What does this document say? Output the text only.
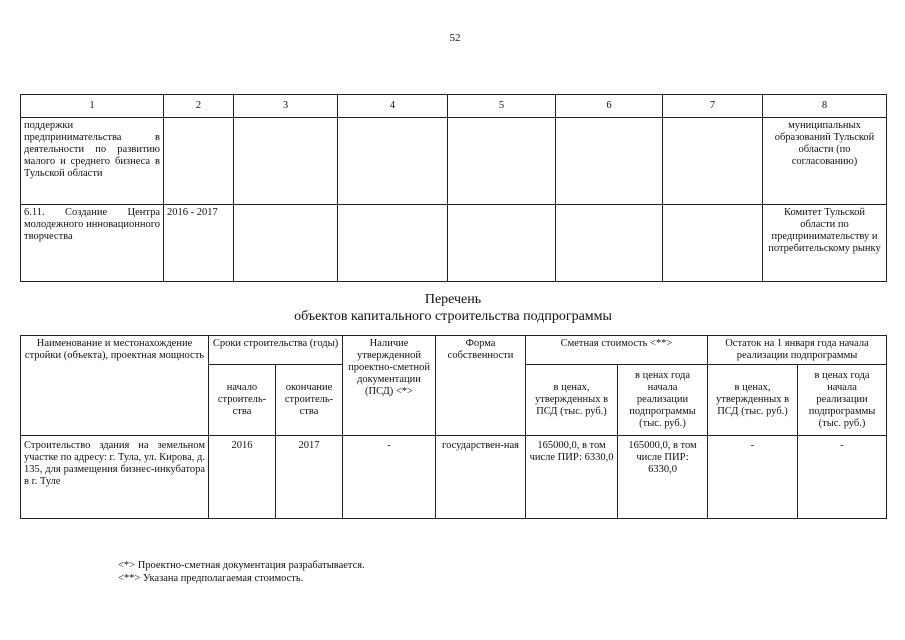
52
1	2	3	4	5	6	7	8
поддержки предпринимательства в деятельности по развитию малого и среднего бизнеса в Тульской области							муниципальных образований Тульской области (по согласованию)
6.11. Создание Центра молодежного инновационного творчества	2016 - 2017						Комитет Тульской области по предпринимательству и потребительскому рынку
Перечень
объектов капитального строительства подпрограммы
Наименование и местонахождение стройки (объекта), проектная мощность	Сроки строительства (годы)		Наличие утвержденной проектно-сметной документации (ПСД) <*>	Форма собственности	Сметная стоимость <**>		Остаток на 1 января года начала реализации подпрограммы	
	начало строитель-ства	окончание строитель-ства			в ценах, утвержденных в ПСД (тыс. руб.)	в ценах года начала реализации подпрограммы (тыс. руб.)	в ценах, утвержденных в ПСД (тыс. руб.)	в ценах года начала реализации подпрограммы (тыс. руб.)
Строительство здания на земельном участке по адресу: г. Тула, ул. Кирова, д. 135, для размещения бизнес-инкубатора в г. Туле	2016	2017	-	государствен-ная	165000,0, в том числе ПИР: 6330,0	165000,0, в том числе ПИР: 6330,0	-	-
<*> Проектно-сметная документация разрабатывается.
<**> Указана предполагаемая стоимость.
